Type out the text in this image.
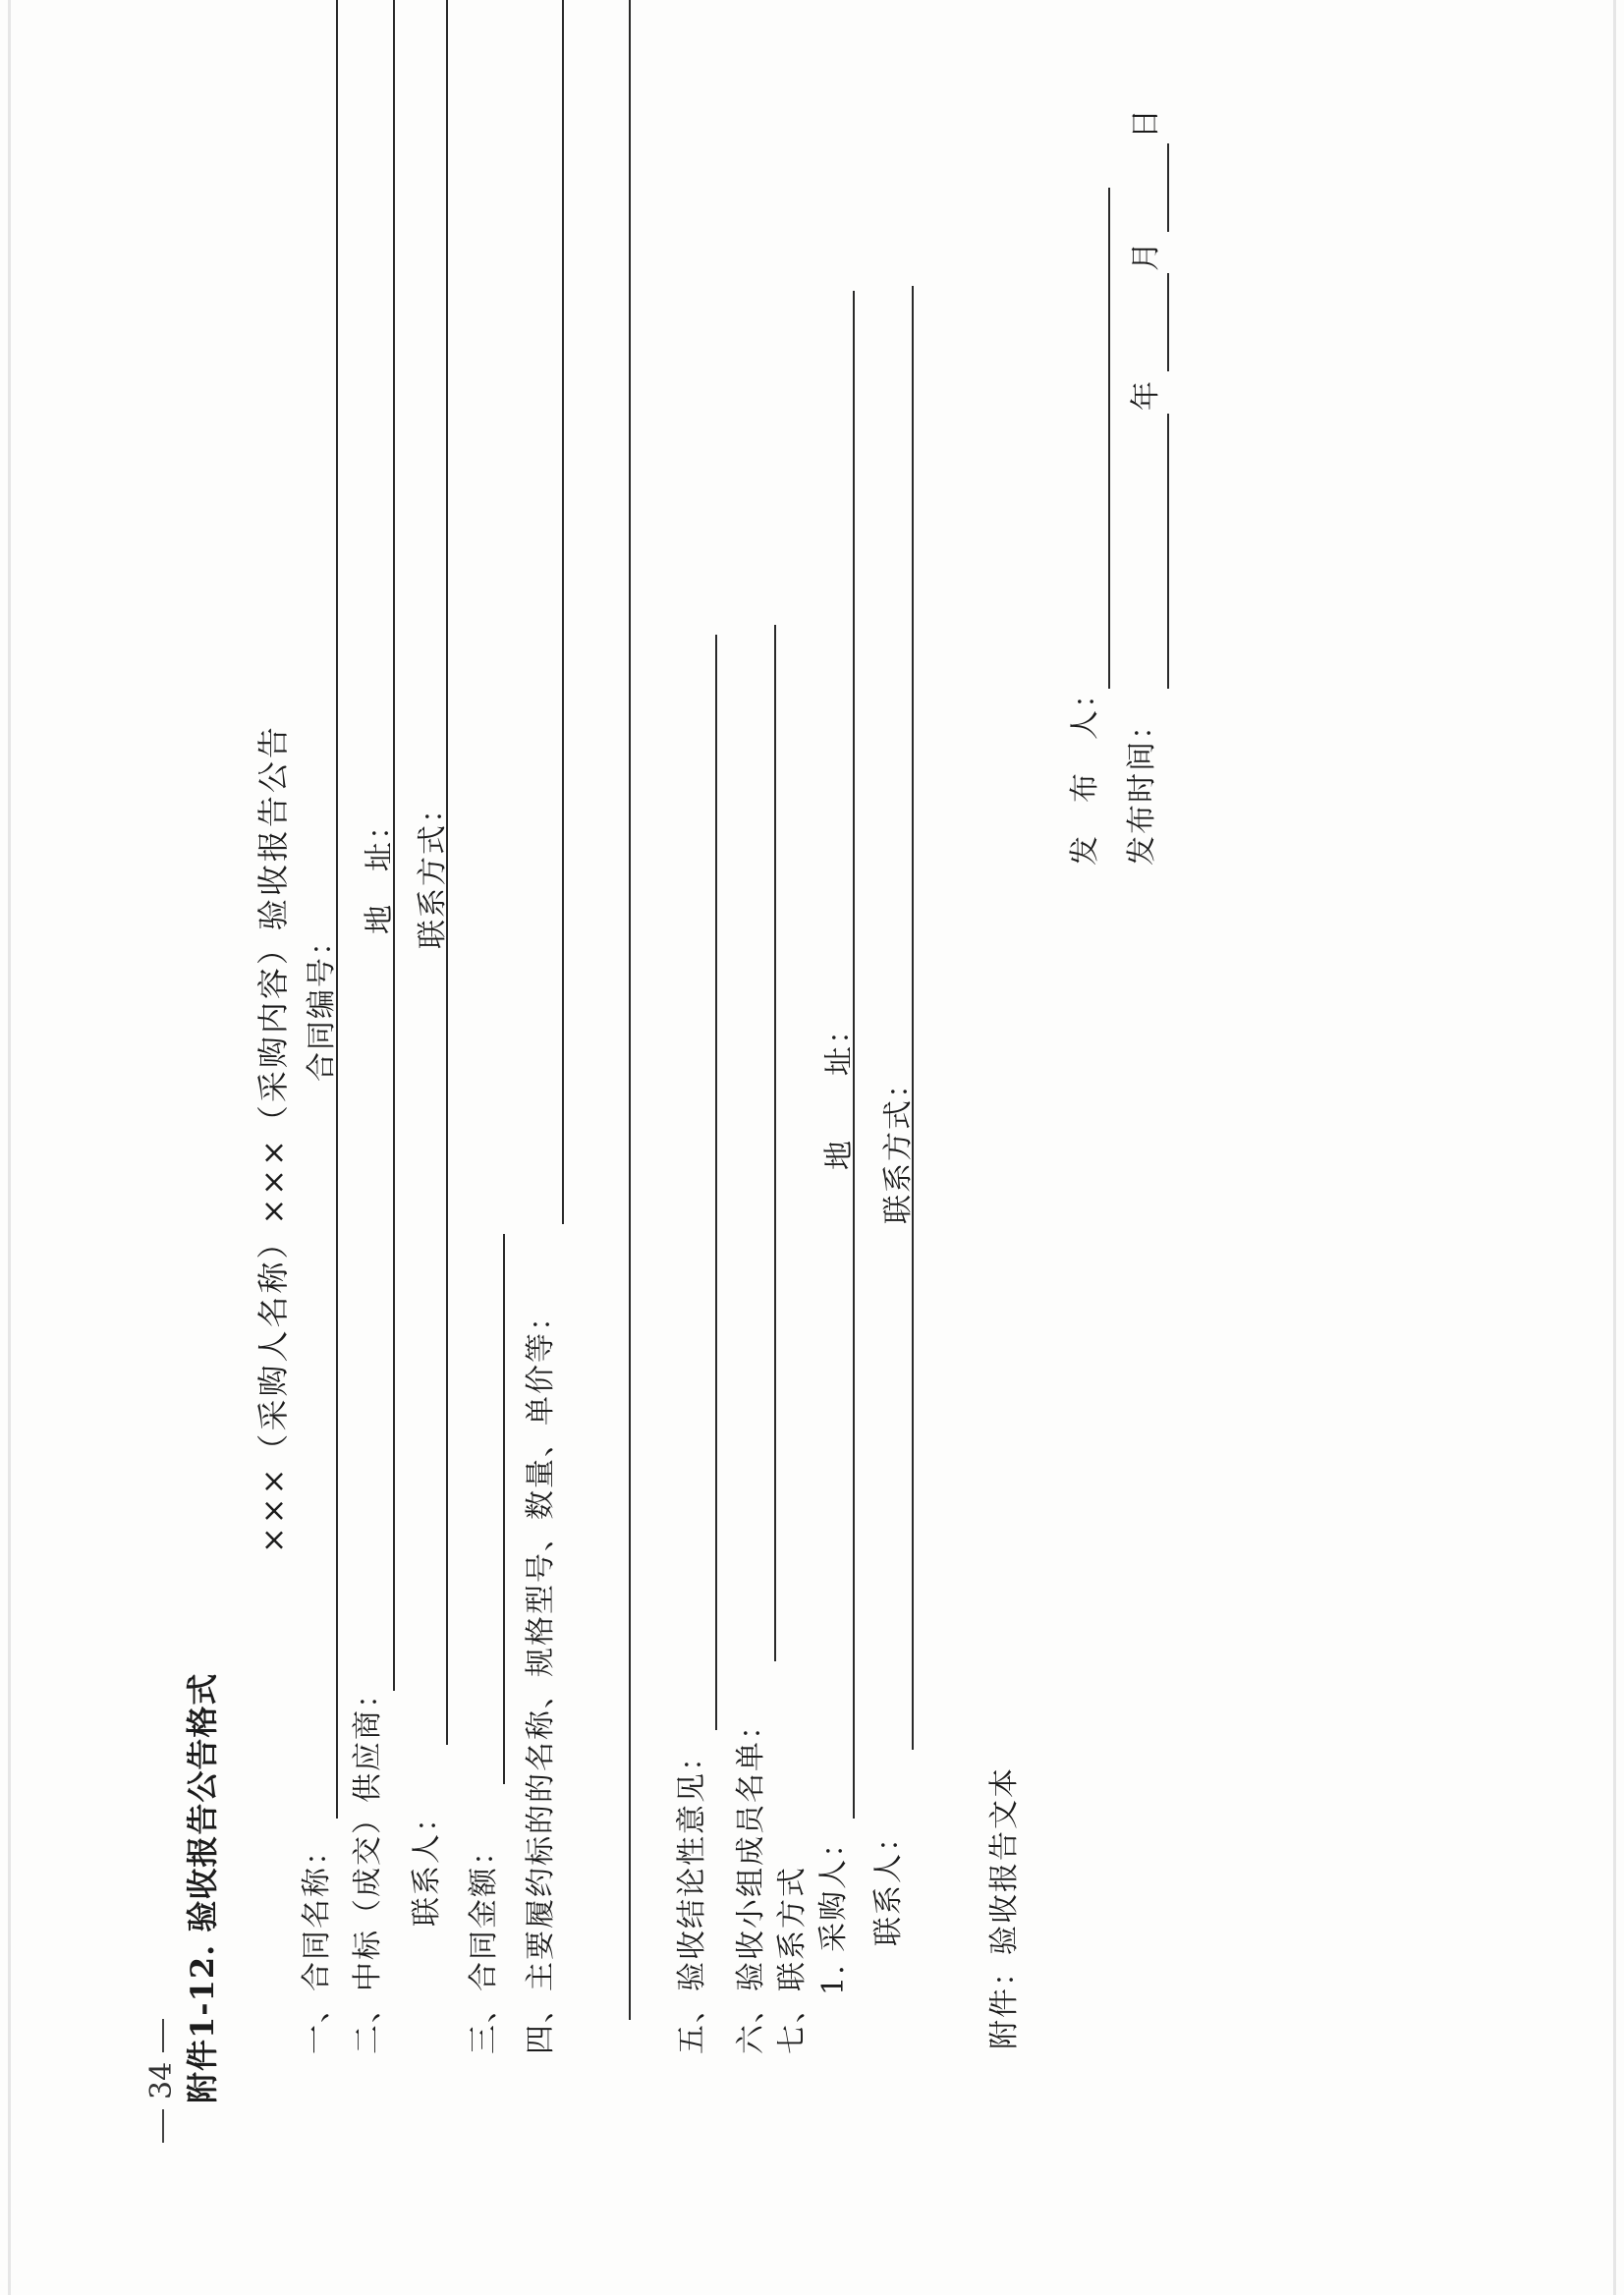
34 附件1-12. 验收报告公告格式
×××（采购人名称）×××（采购内容）验收报告公告
一、合同名称：
合同编号：
二、中标（成交）供应商：
地　址：
联系人：
联系方式：
三、合同金额： 四、主要履约标的的名称、规格型号、数量、单价等：	五、验收结论性意见： 六、验收小组成员名单： 七、联系方式 1. 采购人：
地　　址：
联系人：
联系方式：
附件：验收报告文本
发　布　人： 发布时间：
年
月
日
